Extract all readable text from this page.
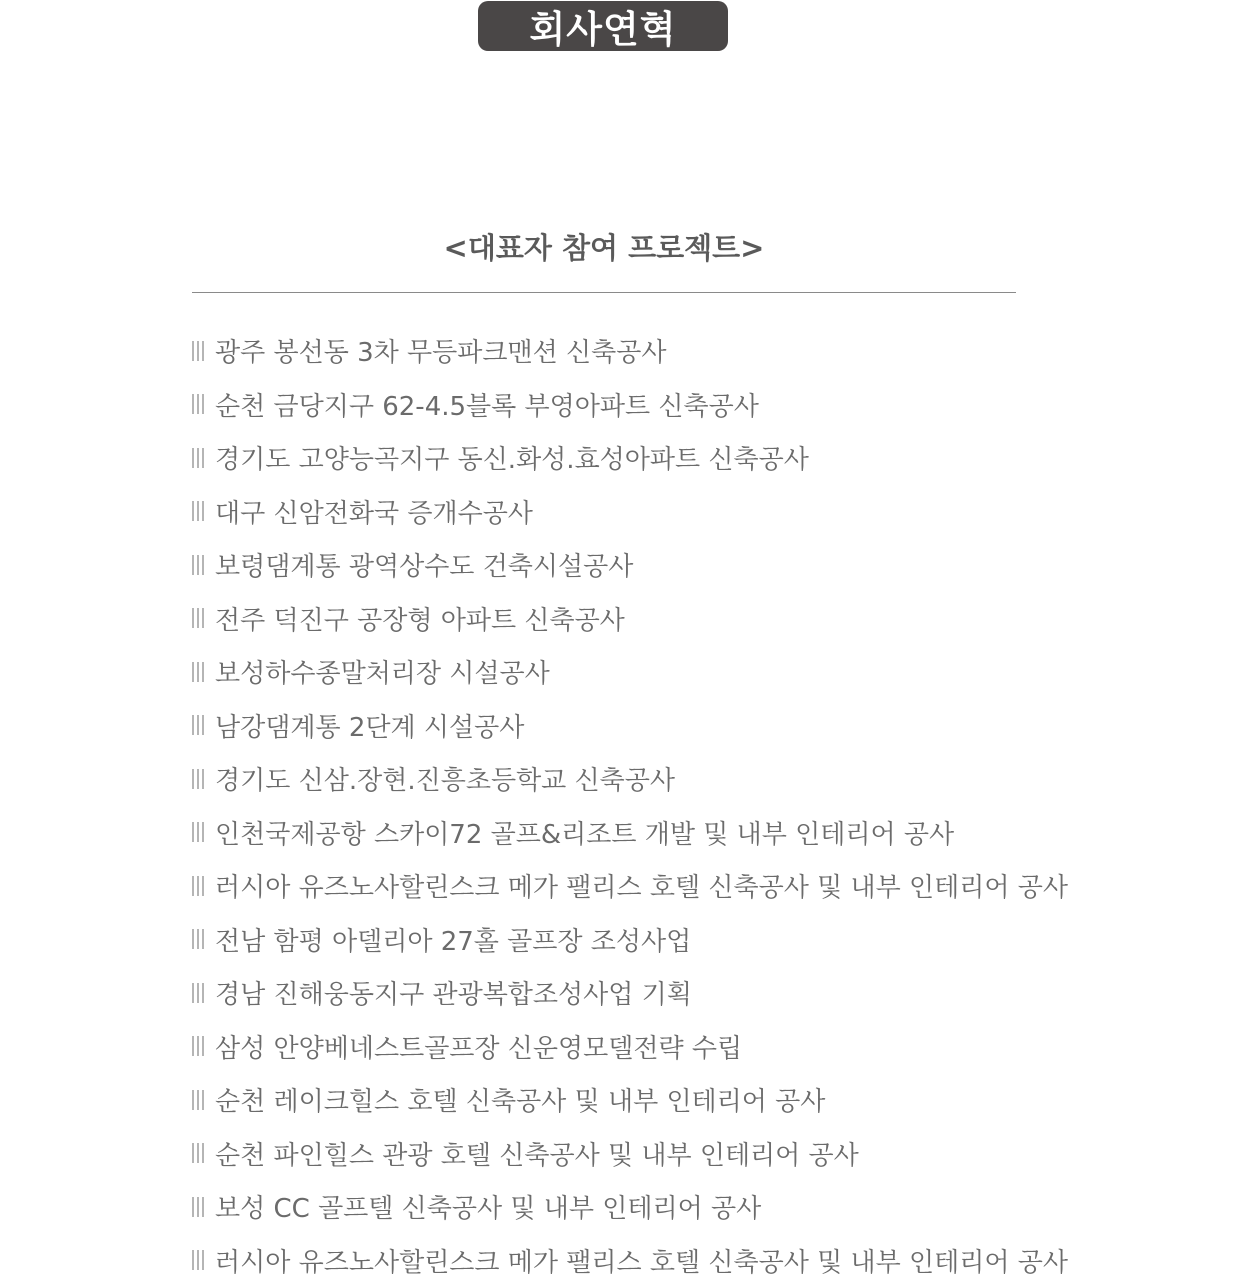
회사연혁
<대표자 참여 프로젝트>
광주 봉선동 3차 무등파크맨션 신축공사
순천 금당지구 62-4.5블록 부영아파트 신축공사
경기도 고양능곡지구 동신.화성.효성아파트 신축공사
대구 신암전화국 증개수공사
보령댐계통 광역상수도 건축시설공사
전주 덕진구 공장형 아파트 신축공사
보성하수종말처리장 시설공사
남강댐계통 2단계 시설공사
경기도 신삼.장현.진흥초등학교 신축공사
인천국제공항 스카이72 골프&리조트 개발 및 내부 인테리어 공사
러시아 유즈노사할린스크 메가 팰리스 호텔 신축공사 및 내부 인테리어 공사
전남 함평 아델리아 27홀 골프장 조성사업
경남 진해웅동지구 관광복합조성사업 기획
삼성 안양베네스트골프장 신운영모델전략 수립
순천 레이크힐스 호텔 신축공사 및 내부 인테리어 공사
순천 파인힐스 관광 호텔 신축공사 및 내부 인테리어 공사
보성 CC 골프텔 신축공사 및 내부 인테리어 공사
러시아 유즈노사할린스크 메가 팰리스 호텔 신축공사 및 내부 인테리어 공사
